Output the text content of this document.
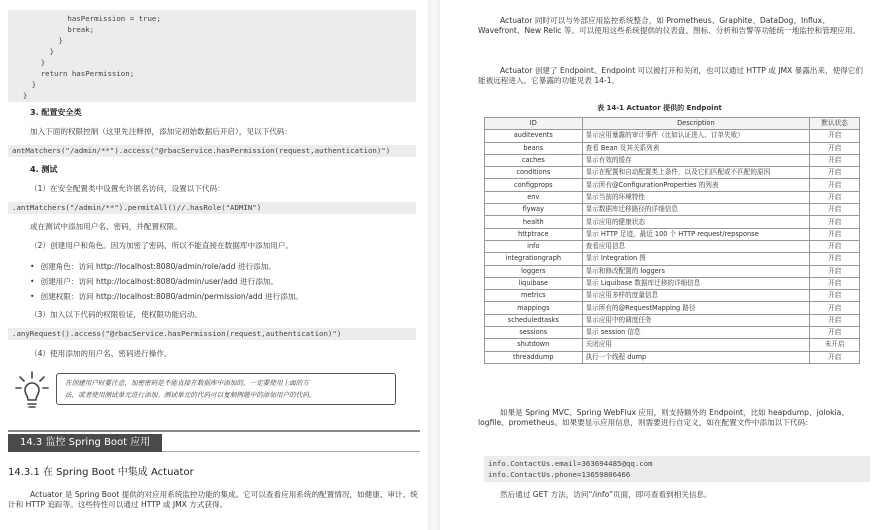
hasPermission = true;
break;
}
}
}
return hasPermission;
}
}
3. 配置安全类
加入下面的权限控制（这里先注释掉，添加完初始数据后开启），见以下代码：
antMatchers("/admin/**").access("@rbacService.hasPermission(request,authentication)")
4. 测试
（1）在安全配置类中设置允许匿名访问，设置以下代码：
.antMatchers("/admin/**").permitAll()//.hasRole("ADMIN")
或在测试中添加用户名、密码，并配置权限。
（2）创建用户和角色。因为加密了密码，所以不能直接在数据库中添加用户。
• 创建角色：访问 http://localhost:8080/admin/role/add 进行添加。
• 创建用户：访问 http://localhost:8080/admin/user/add 进行添加。
• 创建权限：访问 http://localhost:8080/admin/permission/add 进行添加。
（3）加入以下代码的权限验证，使权限功能启动。
.anyRequest().access("@rbacService.hasPermission(request,authentication)")
（4）使用添加的用户名、密码进行操作。
在创建用户时要注意，加密密码是不能直接在数据库中添加的，一定要使用上面的方
法，或者使用测试单元进行添加。测试单元的代码可以复制例题中的添加用户的代码。
14.3 监控 Spring Boot 应用
14.3.1 在 Spring Boot 中集成 Actuator
Actuator 是 Spring Boot 提供的对应用系统监控功能的集成。它可以查看应用系统的配置情况，如健康、审计、统计和 HTTP 追踪等。这些特性可以通过 HTTP 或 JMX 方式获得。
Actuator 同时可以与外部应用监控系统整合，如 Prometheus、Graphite、DataDog、Influx、Wavefront、New Relic 等。可以使用这些系统提供的仪表盘、图标、分析和告警等功能统一地监控和管理应用。
Actuator 创建了 Endpoint。Endpoint 可以被打开和关闭，也可以通过 HTTP 或 JMX 暴露出来，使得它们能被远程进入。它暴露的功能见表 14-1。
表 14-1 Actuator 提供的 Endpoint
ID	Description	默认状态
auditevents	显示应用暴露的审计事件（比如认证进入、订单失败）	开启
beans	查看 Bean 及其关系列表	开启
caches	显示有效的缓存	开启
conditions	显示在配置和自动配置类上条件，以及它们匹配或不匹配的原因	开启
configprops	显示所有@ConfigurationProperties 的列表	开启
env	显示当前的环境特性	开启
flyway	显示数据库迁移路径的详细信息	开启
health	显示应用的健康状态	开启
httptrace	显示 HTTP 足迹，最近 100 个 HTTP request/repsponse	开启
info	查看应用信息	开启
integrationgraph	显示 Integration 图	开启
loggers	显示和修改配置的 loggers	开启
liquibase	显示 Liquibase 数据库迁移的详细信息	开启
metrics	显示应用多样的度量信息	开启
mappings	显示所有的@RequestMapping 路径	开启
scheduledtasks	显示应用中的调度任务	开启
sessions	显示 session 信息	开启
shutdown	关闭应用	未开启
threaddump	执行一个线程 dump	开启
如果是 Spring MVC、Spring WebFlux 应用，则支持额外的 Endpoint，比如 heapdump、jolokia、logfile、prometheus。如果要显示应用信息，则需要进行自定义，如在配置文件中添加以下代码：
info.ContactUs.email=363694485@qq.com
info.ContactUs.phone=13659806466
然后通过 GET 方法，访问“/info”页面，即可查看到相关信息。
